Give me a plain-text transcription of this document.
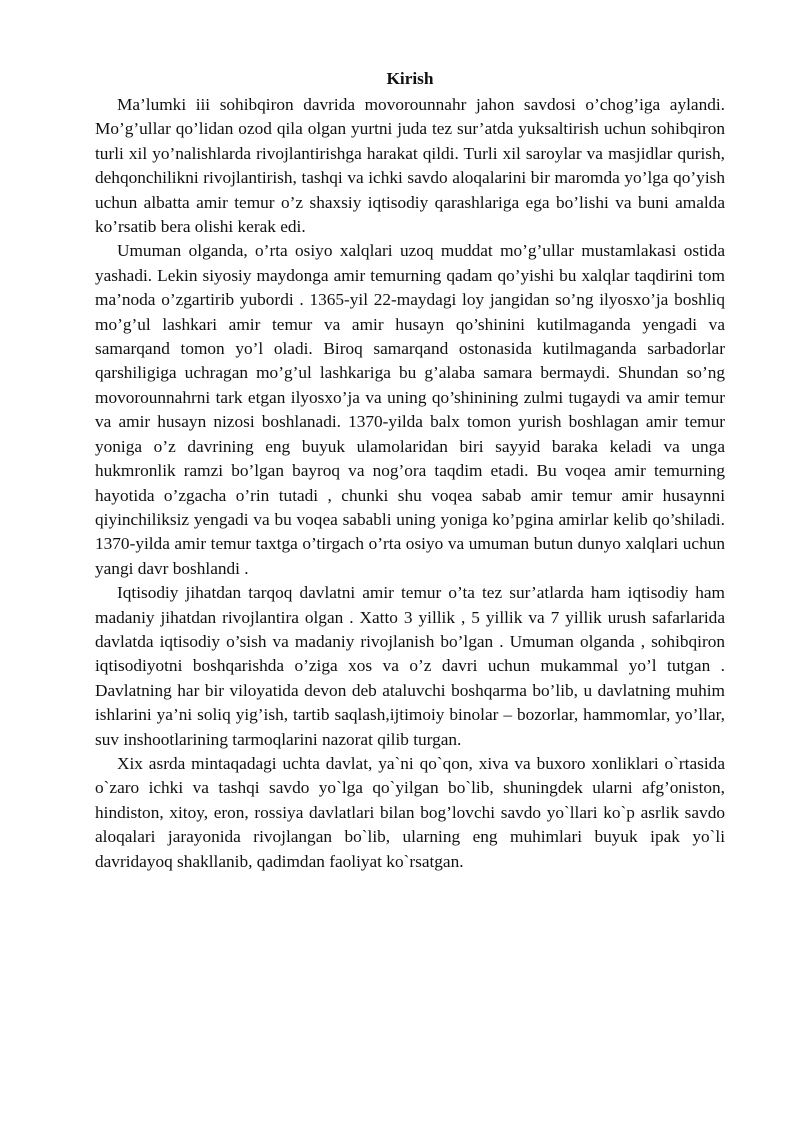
Kirish

Ma’lumki iii sohibqiron davrida movorounnahr jahon savdosi o’chog’iga aylandi. Mo’g’ullar qo’lidan ozod qila olgan yurtni juda tez sur’atda yuksaltirish uchun sohibqiron turli xil yo’nalishlarda rivojlantirishga harakat qildi. Turli xil saroylar va masjidlar qurish, dehqonchilikni rivojlantirish, tashqi va ichki savdo aloqalarini bir maromda yo’lga qo’yish uchun albatta amir temur o’z shaxsiy iqtisodiy qarashlariga ega bo’lishi va buni amalda ko’rsatib bera olishi kerak edi.

Umuman olganda, o’rta osiyo xalqlari uzoq muddat mo’g’ullar mustamlakasi ostida yashadi. Lekin siyosiy maydonga amir temurning qadam qo’yishi bu xalqlar taqdirini tom ma’noda o’zgartirib yubordi . 1365-yil 22-maydagi loy jangidan so’ng ilyosxo’ja boshliq mo’g’ul lashkari amir temur va amir husayn qo’shinini kutilmaganda yengadi va samarqand tomon yo’l oladi. Biroq samarqand ostonasida kutilmaganda sarbadorlar qarshiligiga uchragan mo’g’ul lashkariga bu g’alaba samara bermaydi. Shundan so’ng movorounnahrni tark etgan ilyosxo’ja va uning qo’shinining zulmi tugaydi va amir temur va amir husayn nizosi boshlanadi. 1370-yilda balx tomon yurish boshlagan amir temur yoniga o’z davrining eng buyuk ulamolaridan biri sayyid baraka keladi va unga hukmronlik ramzi bo’lgan bayroq va nog’ora taqdim etadi. Bu voqea amir temurning hayotida o’zgacha o’rin tutadi , chunki shu voqea sabab amir temur amir husaynni qiyinchiliksiz yengadi va bu voqea sababli uning yoniga ko’pgina amirlar kelib qo’shiladi. 1370-yilda amir temur taxtga o’tirgach o’rta osiyo va umuman butun dunyo xalqlari uchun yangi davr boshlandi .

Iqtisodiy jihatdan tarqoq davlatni amir temur o’ta tez sur’atlarda ham iqtisodiy ham madaniy jihatdan rivojlantira olgan . Xatto 3 yillik , 5 yillik va 7 yillik urush safarlarida davlatda iqtisodiy o’sish va madaniy rivojlanish bo’lgan . Umuman olganda , sohibqiron iqtisodiyotni boshqarishda o’ziga xos va o’z davri uchun mukammal yo’l tutgan . Davlatning har bir viloyatida devon deb ataluvchi boshqarma bo’lib, u davlatning muhim ishlarini ya’ni soliq yig’ish, tartib saqlash,ijtimoiy binolar – bozorlar, hammomlar, yo’llar, suv inshootlarining tarmoqlarini nazorat qilib turgan.

Xix asrda mintaqadagi uchta davlat, ya`ni qo`qon, xiva va buxoro xonliklari o`rtasida o`zaro ichki va tashqi savdo yo`lga qo`yilgan bo`lib, shuningdek ularni afg’oniston, hindiston, xitoy, eron, rossiya davlatlari bilan bog’lovchi savdo yo`llari ko`p asrlik savdo aloqalari jarayonida rivojlangan bo`lib, ularning eng muhimlari buyuk ipak yo`li davridayoq shakllanib, qadimdan faoliyat ko`rsatgan.
